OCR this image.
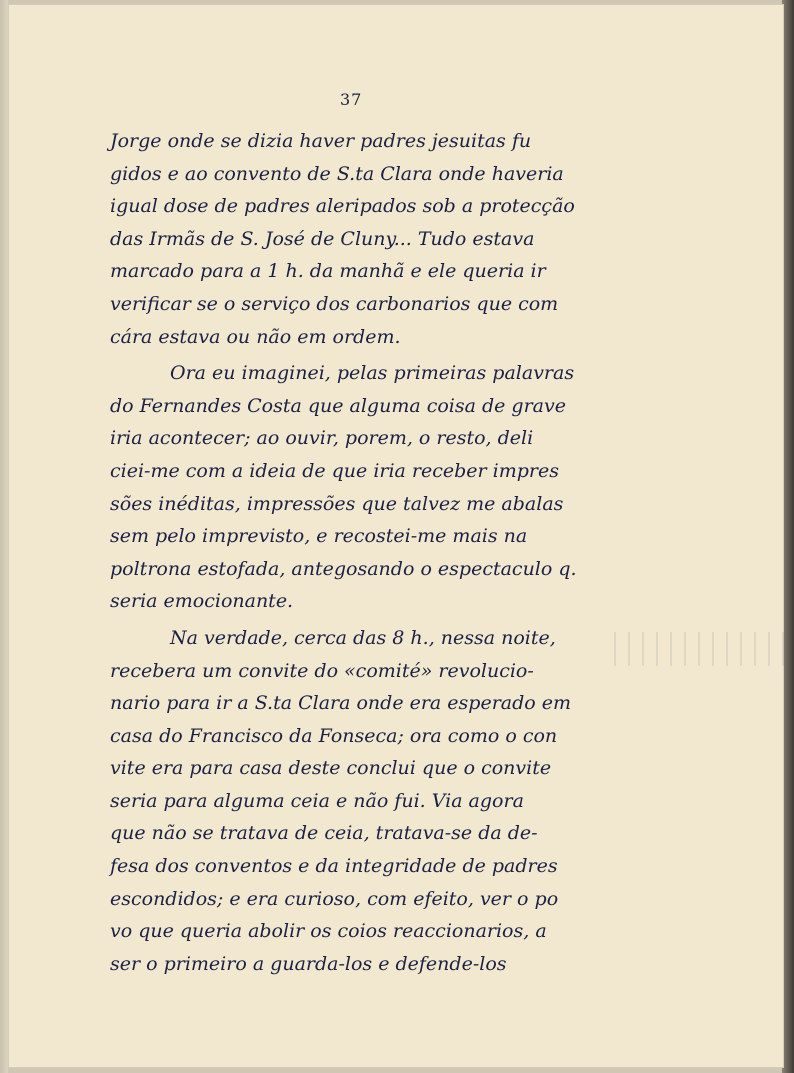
37
Jorge onde se dizia haver padres jesuitas fu
gidos e ao convento de S.ta Clara onde haveria
igual dose de padres aleripados sob a protecção
das Irmãs de S. José de Cluny... Tudo estava
marcado para a 1 h. da manhã e ele queria ir
verificar se o serviço dos carbonarios que com
cára estava ou não em ordem.
Ora eu imaginei, pelas primeiras palavras
do Fernandes Costa que alguma coisa de grave
iria acontecer; ao ouvir, porem, o resto, deli
ciei-me com a ideia de que iria receber impres
sões inéditas, impressões que talvez me abalas
sem pelo imprevisto, e recostei-me mais na
poltrona estofada, antegosando o espectaculo q.
seria emocionante.
Na verdade, cerca das 8 h., nessa noite,
recebera um convite do «comité» revolucio-
nario para ir a S.ta Clara onde era esperado em
casa do Francisco da Fonseca; ora como o con
vite era para casa deste conclui que o convite
seria para alguma ceia e não fui. Via agora
que não se tratava de ceia, tratava-se da de-
fesa dos conventos e da integridade de padres
escondidos; e era curioso, com efeito, ver o po
vo que queria abolir os coios reaccionarios, a
ser o primeiro a guarda-los e defende-los
